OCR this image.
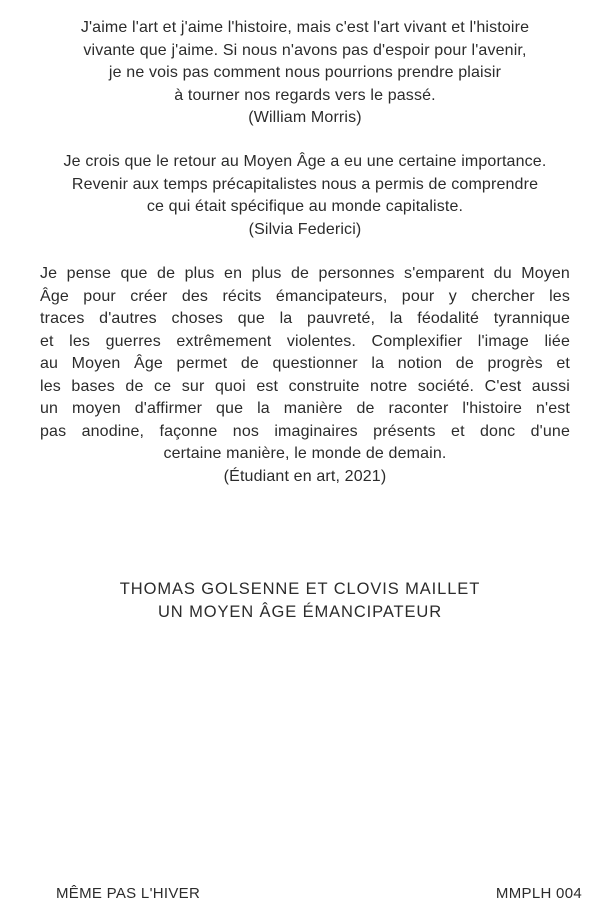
J'aime l'art et j'aime l'histoire, mais c'est l'art vivant et l'histoire
vivante que j'aime. Si nous n'avons pas d'espoir pour l'avenir,
je ne vois pas comment nous pourrions prendre plaisir
à tourner nos regards vers le passé.
(William Morris)
Je crois que le retour au Moyen Âge a eu une certaine importance.
Revenir aux temps précapitalistes nous a permis de comprendre
ce qui était spécifique au monde capitaliste.
(Silvia Federici)
Je pense que de plus en plus de personnes s'emparent du Moyen
Âge pour créer des récits émancipateurs, pour y chercher les
traces d'autres choses que la pauvreté, la féodalité tyrannique
et les guerres extrêmement violentes. Complexifier l'image liée
au Moyen Âge permet de questionner la notion de progrès et
les bases de ce sur quoi est construite notre société. C'est aussi
un moyen d'affirmer que la manière de raconter l'histoire n'est
pas anodine, façonne nos imaginaires présents et donc d'une
certaine manière, le monde de demain.
(Étudiant en art, 2021)
THOMAS GOLSENNE ET CLOVIS MAILLET
UN MOYEN ÂGE ÉMANCIPATEUR
MÊME PAS L'HIVER	MMPLH 004
